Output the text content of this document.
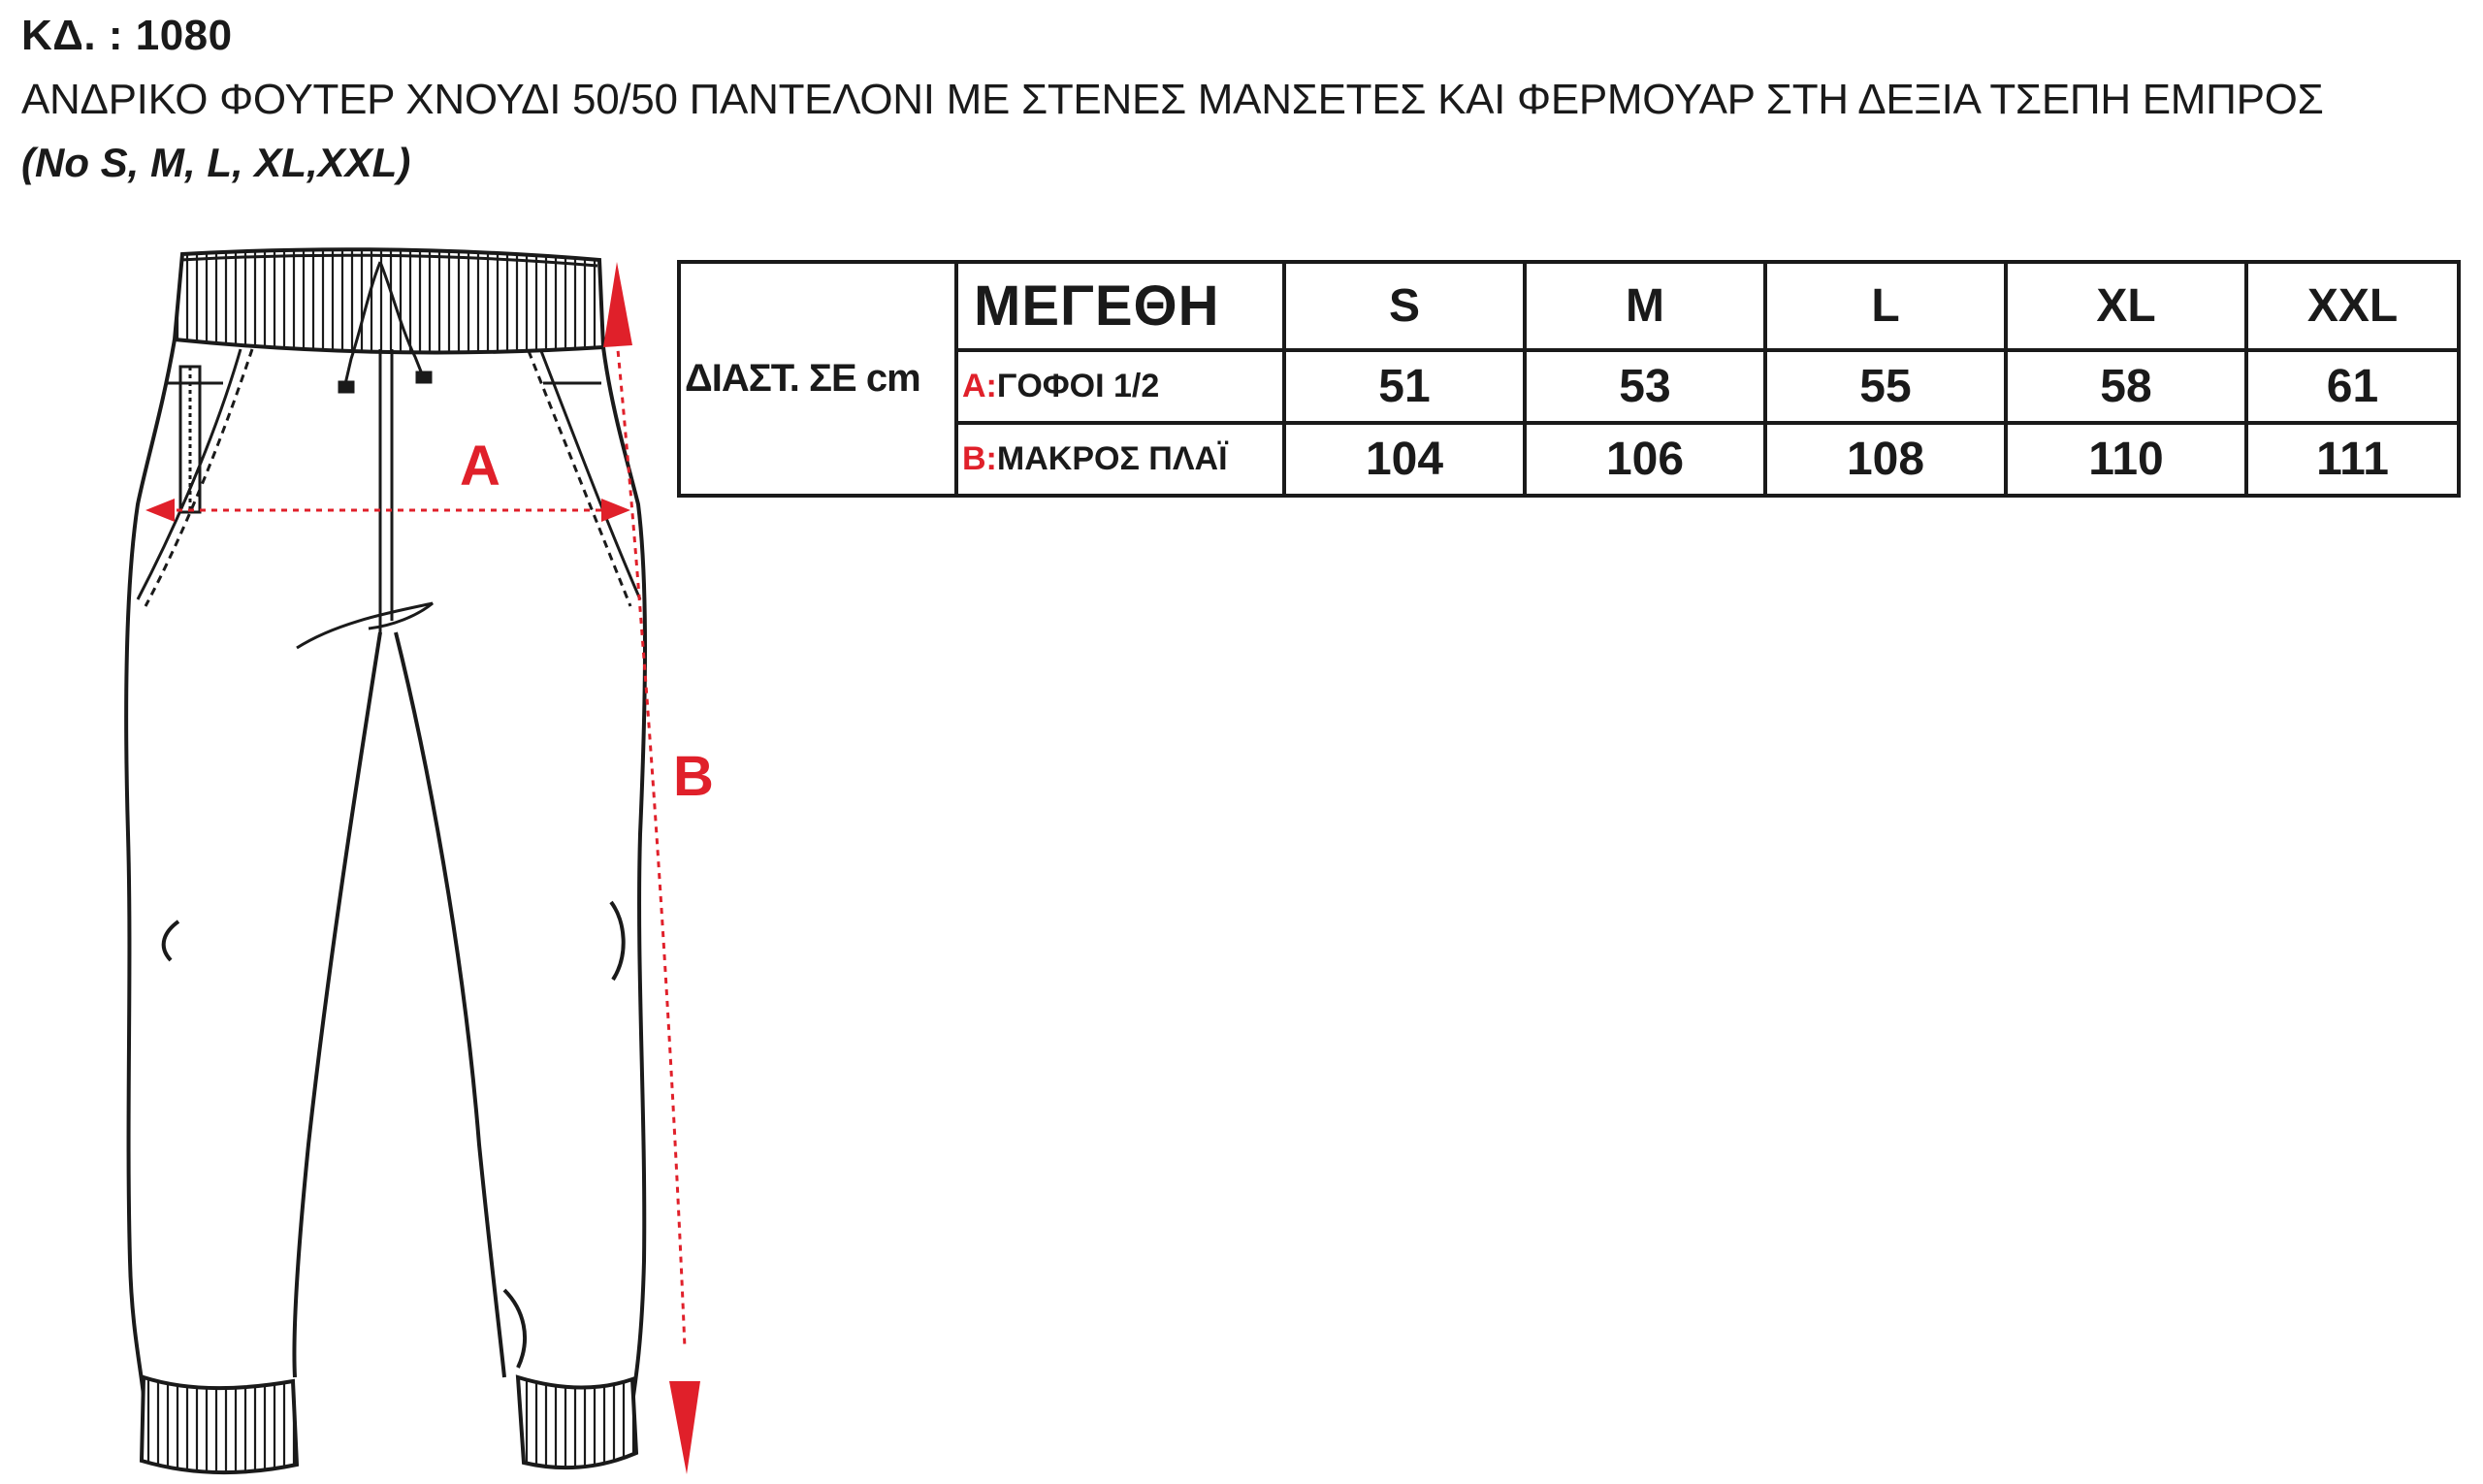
ΚΔ. : 1080
ΑΝΔΡΙΚΟ ΦΟΥΤΕΡ ΧΝΟΥΔΙ 50/50 ΠΑΝΤΕΛΟΝΙ ΜΕ ΣΤΕΝΕΣ ΜΑΝΣΕΤΕΣ ΚΑΙ ΦΕΡΜΟΥΑΡ ΣΤΗ ΔΕΞΙΑ ΤΣΕΠΗ ΕΜΠΡΟΣ
(No S, M, L, XL,XXL)
A
B
ΔΙΑΣΤ. ΣΕ cm	ΜΕΓΕΘΗ	S	M	L	XL	XXL
	A:ΓΟΦΟΙ 1/2	51	53	55	58	61
	B:ΜΑΚΡΟΣ ΠΛΑΪ	104	106	108	110	111
